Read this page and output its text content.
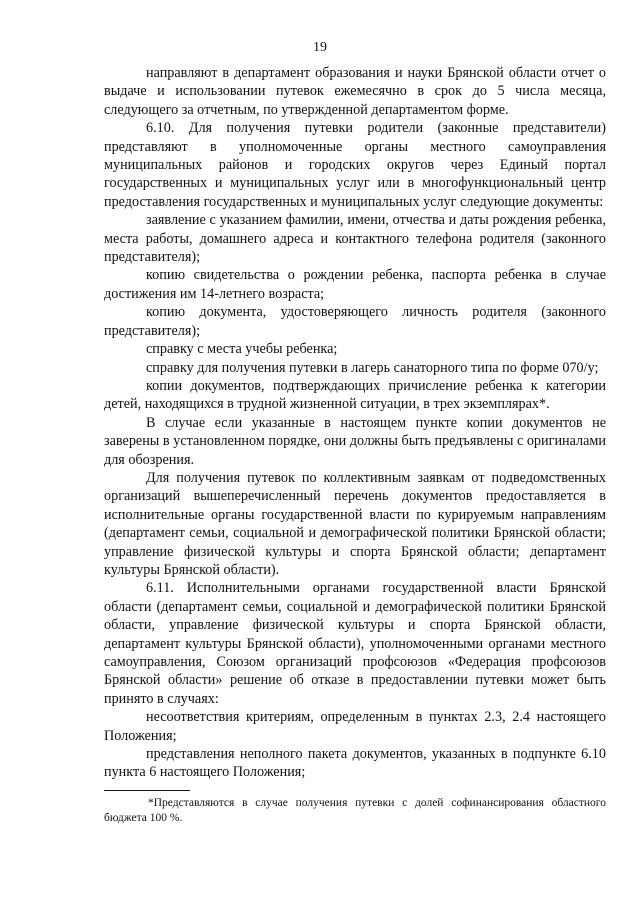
19

направляют в департамент образования и науки Брянской области отчет о выдаче и использовании путевок ежемесячно в срок до 5 числа месяца, следующего за отчетным, по утвержденной департаментом форме.

6.10. Для получения путевки родители (законные представители) представляют в уполномоченные органы местного самоуправления муниципальных районов и городских округов через Единый портал государственных и муниципальных услуг или в многофункциональный центр предоставления государственных и муниципальных услуг следующие документы:

заявление с указанием фамилии, имени, отчества и даты рождения ребенка, места работы, домашнего адреса и контактного телефона родителя (законного представителя);

копию свидетельства о рождении ребенка, паспорта ребенка в случае достижения им 14-летнего возраста;

копию документа, удостоверяющего личность родителя (законного представителя);

справку с места учебы ребенка;

справку для получения путевки в лагерь санаторного типа по форме 070/у;

копии документов, подтверждающих причисление ребенка к категории детей, находящихся в трудной жизненной ситуации, в трех экземплярах*.

В случае если указанные в настоящем пункте копии документов не заверены в установленном порядке, они должны быть предъявлены с оригиналами для обозрения.

Для получения путевок по коллективным заявкам от подведомственных организаций вышеперечисленный перечень документов предоставляется в исполнительные органы государственной власти по курируемым направлениям (департамент семьи, социальной и демографической политики Брянской области; управление физической культуры и спорта Брянской области; департамент культуры Брянской области).

6.11. Исполнительными органами государственной власти Брянской области (департамент семьи, социальной и демографической политики Брянской области, управление физической культуры и спорта Брянской области, департамент культуры Брянской области), уполномоченными органами местного самоуправления, Союзом организаций профсоюзов «Федерация профсоюзов Брянской области» решение об отказе в предоставлении путевки может быть принято в случаях:

несоответствия критериям, определенным в пунктах 2.3, 2.4 настоящего Положения;

представления неполного пакета документов, указанных в подпункте 6.10 пункта 6 настоящего Положения;

*Представляются в случае получения путевки с долей софинансирования областного бюджета 100 %.
